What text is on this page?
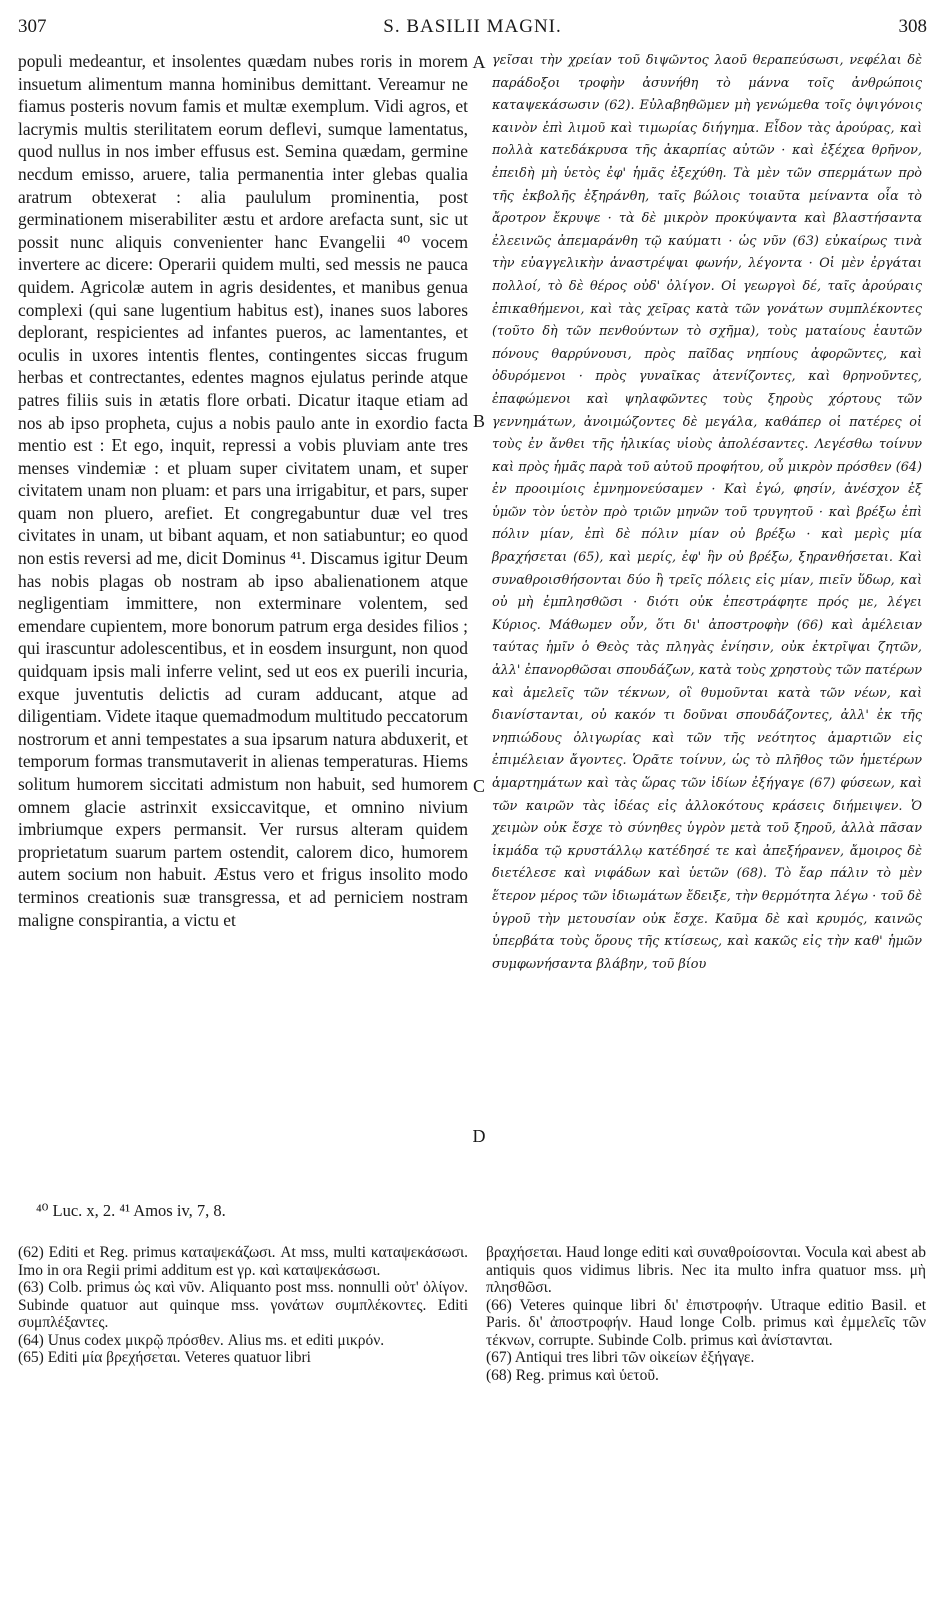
307	S. BASILII MAGNI.	308

populi medeantur, et insolentes quædam nubes roris in morem insuetum alimentum manna hominibus demittant. Vereamur ne fiamus posteris novum famis et multæ exemplum. Vidi agros, et lacrymis multis sterilitatem eorum deflevi, sumque lamentatus, quod nullus in nos imber effusus est. Semina quædam, germine necdum emisso, aruere, talia permanentia inter glebas qualia aratrum obtexerat : alia paululum prominentia, post germinationem miserabiliter æstu et ardore arefacta sunt, sic ut possit nunc aliquis convenienter hanc Evangelii ⁴⁰ vocem invertere ac dicere: Operarii quidem multi, sed messis ne pauca quidem. Agricolæ autem in agris desidentes, et manibus genua complexi (qui sane lugentium habitus est), inanes suos labores deplorant, respicientes ad infantes pueros, ac lamentantes, et oculis in uxores intentis flentes, contingentes siccas frugum herbas et contrectantes, edentes magnos ejulatus perinde atque patres filiis suis in ætatis flore orbati. Dicatur itaque etiam ad nos ab ipso propheta, cujus a nobis paulo ante in exordio facta mentio est : Et ego, inquit, repressi a vobis pluviam ante tres menses vindemiæ : et pluam super civitatem unam, et super civitatem unam non pluam: et pars una irrigabitur, et pars, super quam non pluero, arefiet. Et congregabuntur duæ vel tres civitates in unam, ut bibant aquam, et non satiabuntur; eo quod non estis reversi ad me, dicit Dominus ⁴¹. Discamus igitur Deum has nobis plagas ob nostram ab ipso abalienationem atque negligentiam immittere, non exterminare volentem, sed emendare cupientem, more bonorum patrum erga desides filios ; qui irascuntur adolescentibus, et in eosdem insurgunt, non quod quidquam ipsis mali inferre velint, sed ut eos ex puerili incuria, exque juventutis delictis ad curam adducant, atque ad diligentiam. Videte itaque quemadmodum multitudo peccatorum nostrorum et anni tempestates a sua ipsarum natura abduxerit, et temporum formas transmutaverit in alienas temperaturas. Hiems solitum humorem siccitati admistum non habuit, sed humorem omnem glacie astrinxit exsiccavitque, et omnino nivium imbriumque expers permansit. Ver rursus alteram quidem proprietatum suarum partem ostendit, calorem dico, humorem autem socium non habuit. Æstus vero et frigus insolito modo terminos creationis suæ transgressa, et ad perniciem nostram maligne conspirantia, a victu et

A
B
C
D

γεῖσαι τὴν χρείαν τοῦ διψῶντος λαοῦ θεραπεύσωσι, νεφέλαι δὲ παράδοξοι τροφὴν ἀσυνήθη τὸ μάννα τοῖς ἀνθρώποις καταψεκάσωσιν (62). Εὐλαβηθῶμεν μὴ γενώμεθα τοῖς ὀψιγόνοις καινὸν ἐπὶ λιμοῦ καὶ τιμωρίας διήγημα. Εἶδον τὰς ἀρούρας, καὶ πολλὰ κατεδάκρυσα τῆς ἀκαρπίας αὐτῶν · καὶ ἐξέχεα θρῆνον, ἐπειδὴ μὴ ὑετὸς ἐφ' ἡμᾶς ἐξεχύθη. Τὰ μὲν τῶν σπερμάτων πρὸ τῆς ἐκβολῆς ἐξηράνθη, ταῖς βώλοις τοιαῦτα μείναντα οἷα τὸ ἄροτρον ἔκρυψε · τὰ δὲ μικρὸν προκύψαντα καὶ βλαστήσαντα ἐλεεινῶς ἀπεμαράνθη τῷ καύματι · ὡς νῦν (63) εὐκαίρως τινὰ τὴν εὐαγγελικὴν ἀναστρέψαι φωνήν, λέγοντα · Οἱ μὲν ἐργάται πολλοί, τὸ δὲ θέρος οὐδ' ὀλίγον. Οἱ γεωργοὶ δέ, ταῖς ἀρούραις ἐπικαθήμενοι, καὶ τὰς χεῖρας κατὰ τῶν γονάτων συμπλέκοντες (τοῦτο δὴ τῶν πενθούντων τὸ σχῆμα), τοὺς ματαίους ἑαυτῶν πόνους θαρρύνουσι, πρὸς παῖδας νηπίους ἀφορῶντες, καὶ ὀδυρόμενοι · πρὸς γυναῖκας ἀτενίζοντες, καὶ θρηνοῦντες, ἐπαφώμενοι καὶ ψηλαφῶντες τοὺς ξηροὺς χόρτους τῶν γεννημάτων, ἀνοιμώζοντες δὲ μεγάλα, καθάπερ οἱ πατέρες οἱ τοὺς ἐν ἄνθει τῆς ἡλικίας υἱοὺς ἀπολέσαντες. Λεγέσθω τοίνυν καὶ πρὸς ἡμᾶς παρὰ τοῦ αὐτοῦ προφήτου, οὗ μικρὸν πρόσθεν (64) ἐν προοιμίοις ἐμνημονεύσαμεν · Καὶ ἐγώ, φησίν, ἀνέσχον ἐξ ὑμῶν τὸν ὑετὸν πρὸ τριῶν μηνῶν τοῦ τρυγητοῦ · καὶ βρέξω ἐπὶ πόλιν μίαν, ἐπὶ δὲ πόλιν μίαν οὐ βρέξω · καὶ μερὶς μία βραχήσεται (65), καὶ μερίς, ἐφ' ἣν οὐ βρέξω, ξηρανθήσεται. Καὶ συναθροισθήσονται δύο ἢ τρεῖς πόλεις εἰς μίαν, πιεῖν ὕδωρ, καὶ οὐ μὴ ἐμπλησθῶσι · διότι οὐκ ἐπεστράφητε πρός με, λέγει Κύριος. Μάθωμεν οὖν, ὅτι δι' ἀποστροφὴν (66) καὶ ἀμέλειαν ταύτας ἡμῖν ὁ Θεὸς τὰς πληγὰς ἐνίησιν, οὐκ ἐκτρῖψαι ζητῶν, ἀλλ' ἐπανορθῶσαι σπουδάζων, κατὰ τοὺς χρηστοὺς τῶν πατέρων καὶ ἀμελεῖς τῶν τέκνων, οἳ θυμοῦνται κατὰ τῶν νέων, καὶ διανίστανται, οὐ κακόν τι δοῦναι σπουδάζοντες, ἀλλ' ἐκ τῆς νηπιώδους ὀλιγωρίας καὶ τῶν τῆς νεότητος ἁμαρτιῶν εἰς ἐπιμέλειαν ἄγοντες. Ὁρᾶτε τοίνυν, ὡς τὸ πλῆθος τῶν ἡμετέρων ἁμαρτημάτων καὶ τὰς ὥρας τῶν ἰδίων ἐξήγαγε (67) φύσεων, καὶ τῶν καιρῶν τὰς ἰδέας εἰς ἀλλοκότους κράσεις διήμειψεν. Ὁ χειμὼν οὐκ ἔσχε τὸ σύνηθες ὑγρὸν μετὰ τοῦ ξηροῦ, ἀλλὰ πᾶσαν ἰκμάδα τῷ κρυστάλλῳ κατέδησέ τε καὶ ἀπεξήρανεν, ἄμοιρος δὲ διετέλεσε καὶ νιφάδων καὶ ὑετῶν (68). Τὸ ἔαρ πάλιν τὸ μὲν ἕτερον μέρος τῶν ἰδιωμάτων ἔδειξε, τὴν θερμότητα λέγω · τοῦ δὲ ὑγροῦ τὴν μετουσίαν οὐκ ἔσχε. Καῦμα δὲ καὶ κρυμός, καινῶς ὑπερβάτα τοὺς ὅρους τῆς κτίσεως, καὶ κακῶς εἰς τὴν καθ' ἡμῶν συμφωνήσαντα βλάβην, τοῦ βίου

⁴⁰ Luc. x, 2. ⁴¹ Amos iv, 7, 8.

(62) Editi et Reg. primus καταψεκάζωσι. At mss, multi καταψεκάσωσι. Imo in ora Regii primi additum est γρ. καὶ καταψεκάσωσι.

(63) Colb. primus ὡς καὶ νῦν. Aliquanto post mss. nonnulli οὐτ' ὀλίγον. Subinde quatuor aut quinque mss. γονάτων συμπλέκοντες. Editi συμπλέξαντες.

(64) Unus codex μικρῷ πρόσθεν. Alius ms. et editi μικρόν.

(65) Editi μία βρεχήσεται. Veteres quatuor libri

βραχήσεται. Haud longe editi καὶ συναθροίσονται. Vocula καὶ abest ab antiquis quos vidimus libris. Nec ita multo infra quatuor mss. μὴ πλησθῶσι.

(66) Veteres quinque libri δι' ἐπιστροφήν. Utraque editio Basil. et Paris. δι' ἀποστροφήν. Haud longe Colb. primus καὶ ἐμμελεῖς τῶν τέκνων, corrupte. Subinde Colb. primus καὶ ἀνίστανται.

(67) Antiqui tres libri τῶν οἰκείων ἐξήγαγε.

(68) Reg. primus καὶ ὑετοῦ.
